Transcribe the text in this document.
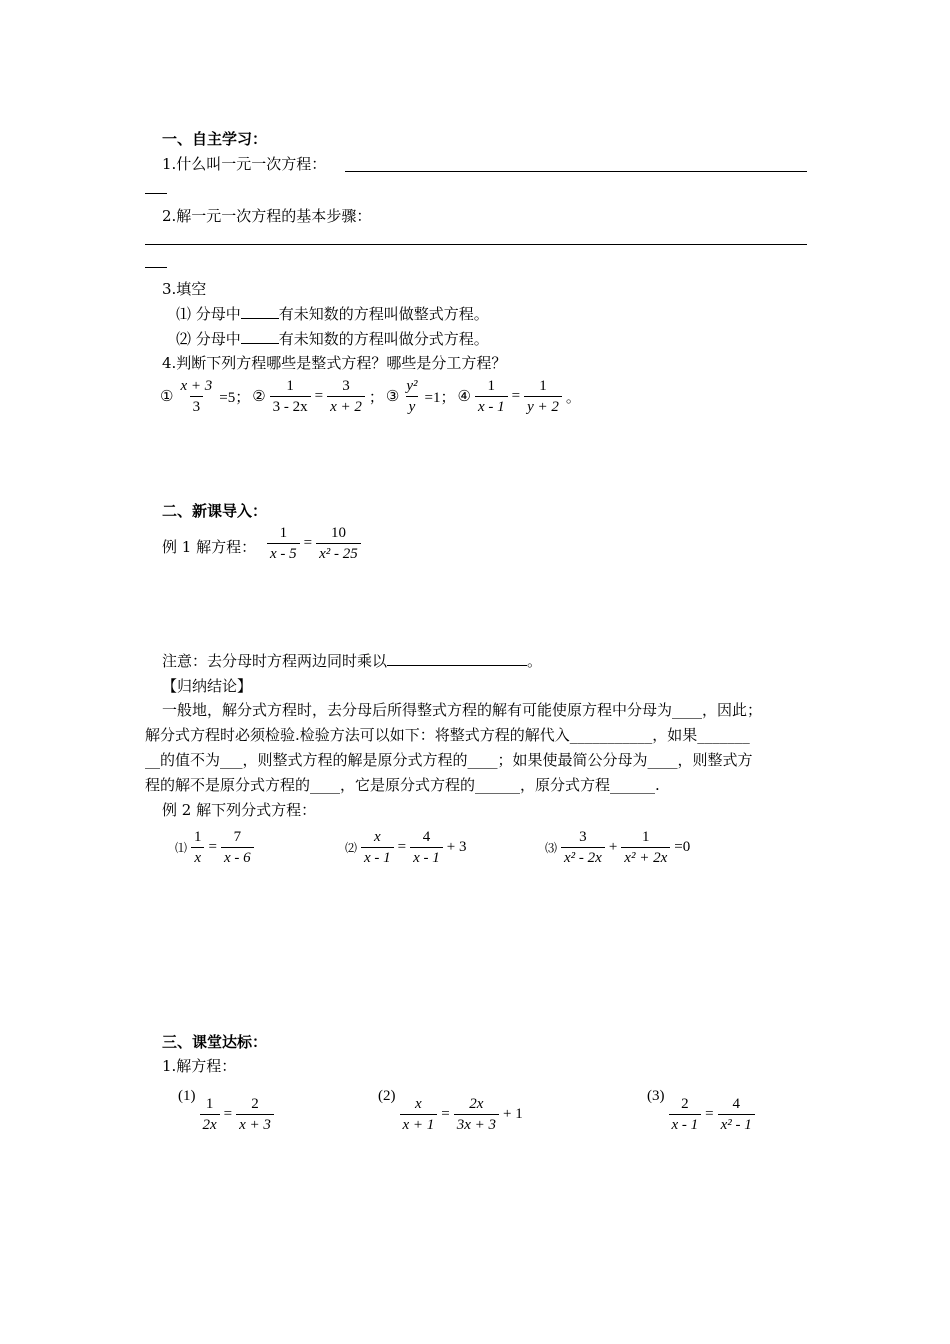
一、自主学习：
1.什么叫一元一次方程：
2.解一元一次方程的基本步骤：
3.填空
⑴ 分母中	有未知数的方程叫做整式方程。
⑵ 分母中	有未知数的方程叫做分式方程。
4.判断下列方程哪些是整式方程？哪些是分工方程？
① $\frac{x + 3}{3} =5$； ② $\frac{1}{3 - 2x} = \frac{3}{x + 2}$ ； ③ $\frac{\text{y²}}{y} =1$； ④ $\frac{1}{x - 1} = \frac{1}{y + 2}$ 。
二、新课导入：
例 1 解方程： $\frac{1}{x - 5} = \frac{10}{\text{x² - 25}}$
注意：去分母时方程两边同时乘以	。
【归纳结论】
一般地，解分式方程时，去分母后所得整式方程的解有可能使原方程中分母为____，因此；
解分式方程时必须检验.检验方法可以如下：将整式方程的解代入___________，如果_______
__的值不为___，则整式方程的解是原分式方程的____；如果使最简公分母为____，则整式方
程的解不是原分式方程的____，它是原分式方程的______，原分式方程______.
例 2 解下列分式方程：
⑴ $\frac{1}{x} = \frac{7}{x - 6}$	⑵ $\frac{x}{x - 1} = \frac{4}{x - 1} + 3$	⑶ $\frac{3}{\text{x² - 2x}} + \frac{1}{\text{x² + 2x}} =0$
三、课堂达标：
1.解方程：
$(1) \frac{1}{2x} = \frac{2}{x + 3}$	$(2) \frac{x}{x + 1} = \frac{2x}{3x + 3} + 1$
$(3) \frac{2}{x - 1} = \frac{4}{\text{x² - 1}}$
